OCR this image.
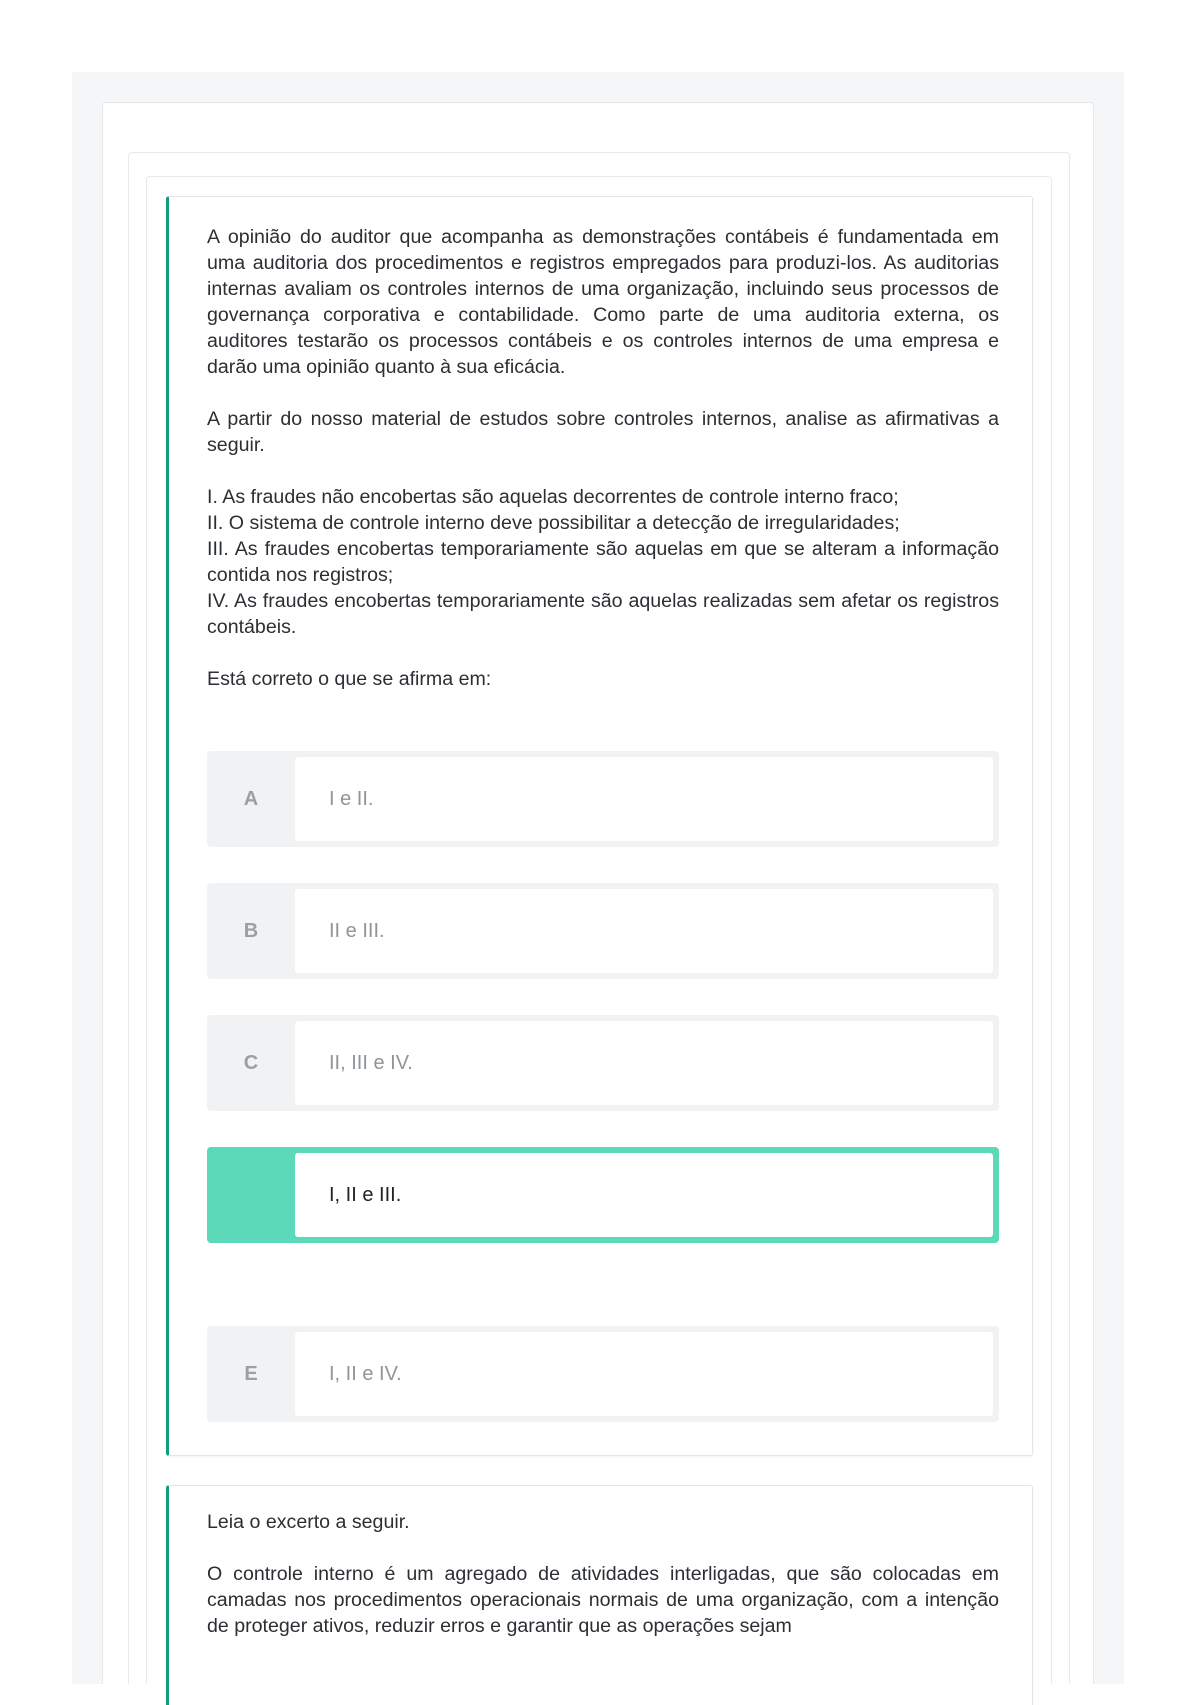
A opinião do auditor que acompanha as demonstrações contábeis é fundamentada em uma auditoria dos procedimentos e registros empregados para produzi-los. As auditorias internas avaliam os controles internos de uma organização, incluindo seus processos de governança corporativa e contabilidade. Como parte de uma auditoria externa, os auditores testarão os processos contábeis e os controles internos de uma empresa e darão uma opinião quanto à sua eficácia.

A partir do nosso material de estudos sobre controles internos, analise as afirmativas a seguir.

I. As fraudes não encobertas são aquelas decorrentes de controle interno fraco;

II. O sistema de controle interno deve possibilitar a detecção de irregularidades;

III. As fraudes encobertas temporariamente são aquelas em que se alteram a informação contida nos registros;

IV. As fraudes encobertas temporariamente são aquelas realizadas sem afetar os registros contábeis.

Está correto o que se afirma em:

A	I e II.
B	II e III.
C	II, III e IV.
I, II e III.
E	I, II e IV.

Leia o excerto a seguir.

O controle interno é um agregado de atividades interligadas, que são colocadas em camadas nos procedimentos operacionais normais de uma organização, com a intenção de proteger ativos, reduzir erros e garantir que as operações sejam
